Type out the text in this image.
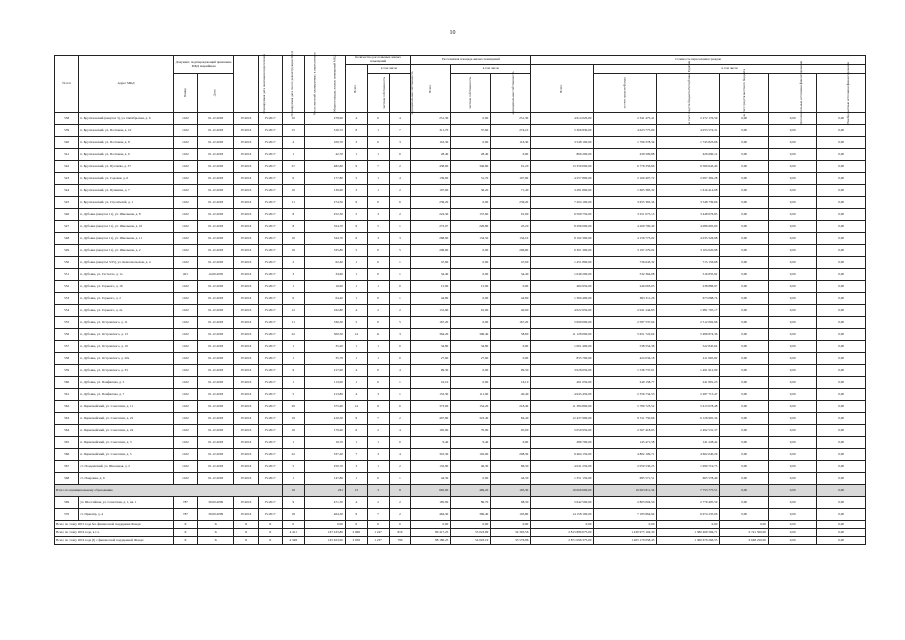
10
№ п/п	Адрес МКД	Документ, подтверждающий признание МКД аварийным		Планируемая дата окончания переселения	Планируемая дата сноса/ реконструкции МКД	Число жителей планируемых к переселению	Общая площадь жилых помещений МКД	Количество расселяемых жилых помещений			Расселяемая площадь жилых помещений			Стоимость переселения граждан					
								Всего	в том числе		Всего	в том числе		Всего	в том числе				
		Номер	Дата						частная собственность	муниципальная собственность		частная собственность	муниципальная собственность		за счет средств Фонда	за счет средств бюджета Республики Бурятия	за счет средств местного бюджета	Дополнительные источники финансирования	Внебюджетные источники финансирования
538	п. Брусиловский (квартал 3), ул. Октябрьская, д. 6	1162	01.12.2003	IV.2016	IV.2017	10	278,00	4	0	4	251,30	0,00	251,30	4 614 020,00	2 341 475,41	2 272 176,59	0,00	0,00	0,00
539	п. Брусиловский, ул. Почтовая, д. 10	1162	01.12.2003	IV.2016	IV.2017	15	316,72	8	1	7	311,70	37,60	274,10	5 366 830,00	4 023 775,69	4 053 574,31	0,00	0,00	0,00
540	п. Брусиловский, ул. Почтовая, д. 8	1162	01.12.2003	IV.2016	IV.2017	4	109,70	3	0	3	116,30	0,00	116,30	3 548 100,00	1 790 278,34	1 745 823,66	0,00	0,00	0,00
541	п. Брусиловский, ул. Почтовая, д. 6	1162	01.12.2003	IV.2016	IV.2017	1	42,70	1	1	0	28,40	28,40	0,00	866 200,00	439 509,88	426 690,12	0,00	0,00	0,00
542	п. Брусиловский, ул. Пугачёва, д. 37	1162	01.12.2003	IV.2016	IV.2017	27	482,60	9	7	2	438,00	346,80	91,20	13 359 000,00	6 778 356,66	6 580 643,40	0,00	0,00	0,00
543	п. Брусиловский, ул. Садовая, д. 6	1162	01.12.2003	IV.2016	IV.2017	6	177,80	5	1	4	139,60	31,70	107,90	4 257 800,00	2 160 407,72	2 097 392,28	0,00	0,00	0,00
544	п. Брусиловский, ул. Пушкина, д. 7	1162	01.12.2003	IV.2016	IV.2017	10	139,60	3	1	2	107,60	36,20	71,40	3 281 800,00	1 665 385,32	1 616 414,68	0,00	0,00	0,00
545	п. Брусиловский, ул. Строителей, д. 1	1162	01.12.2003	IV.2016	IV.2017	11	274,50	6	0	6	239,20	0,00	239,20	7 204 100,00	3 655 365,34	3 548 739,66	0,00	0,00	0,00
546	п. Дубовка (квартал 11), ул. Школьная, д. 8	1162	01.12.2003	IV.2016	IV.2017	8	252,30	5	3	2	224,30	137,60	91,90	6 599 750,00	3 251 075,15	3 448 676,85	0,00	0,00	0,00
547	п. Дубовка (квартал 11), ул. Школьная, д. 10	1162	01.12.2003	IV.2016	IV.2017	8	324,70	6	5	1	272,07	226,80	45,20	8 296 000,00	4 209 700,40	4 086 695,60	0,00	0,00	0,00
548	п. Дубовка (квартал 11), ул. Школьная, д. 11	1162	01.12.2003	IV.2016	IV.2017	10	344,70	6	3	3	268,60	134,50	134,10	8 192 300,00	4 156 773,02	4 035 526,98	0,00	0,00	0,00
549	п. Дубовка (квартал 11), ул. Школьная, д. 2	1162	01.12.2003	IV.2016	IV.2017	16	335,80	5	0	5	206,60	0,00	206,60	6 301 300,00	3 197 279,02	3 104 020,98	0,00	0,00	0,00
550	п. Дубовка (квартал 5/25), ул. Комсомольская, д. 4	1162	01.12.2003	IV.2016	IV.2017	2	62,40	1	0	1	47,60	0,00	47,60	1 451 800,00	736 643,32	715 156,68	0,00	0,00	0,00
551	п. Дубовка, ул. Гастелло, д. 1а	401	14.09.2005	IV.2016	IV.2017	3	34,90	1	0	1	34,40	0,00	34,40	1 049 200,00	532 364,08	516 835,92	0,00	0,00	0,00
552	п. Дубовка, ул. Горького, д. 16	1162	01.12.2003	IV.2016	IV.2017	1	16,00	1	1	0	15,90	15,90	0,00	484 950,00	246 063,03	238 886,97	0,00	0,00	0,00
553	п. Дубовка, ул. Горького, д. 2	1162	01.12.2003	IV.2016	IV.2017	6	64,40	1	0	1	44,80	0,00	44,80	1 366 400,00	693 311,26	673 088,74	0,00	0,00	0,00
554	п. Дубовка, ул. Горького, д. 2а	1162	01.12.2003	IV.2016	IV.2017	12	162,80	4	2	2	131,90	91,00	40,90	4 022 950,00	2 041 244,83	1 981 705,17	0,00	0,00	0,00
555	п. Дубовка, ул. Островского, д. 11	1162	01.12.2003	IV.2016	IV.2017	11	336,30	5	0	5	167,20	0,00	167,20	5 099 600,00	2 587 537,04	2 512 062,96	0,00	0,00	0,00
556	п. Дубовка, ул. Островского, д. 13	1162	01.12.2003	IV.2016	IV.2017	22	500,50	14	11	3	364,20	306,40	58,80	11 128 000,00	5 651 722,64	5 486 874,36	0,00	0,00	0,00
557	п. Дубовка, ул. Островского, д. 19	1162	01.12.2003	IV.2016	IV.2017	1	35,20	1	1	0	34,80	34,80	0,00	1 061 400,00	538 554,36	522 845,64	0,00	0,00	0,00
558	п. Дубовка, ул. Островского, д. 20а	1162	01.12.2003	IV.2016	IV.2017	1	35,78	1	1	0	27,60	27,60	0,00	835 700,00	424 034,18	411 665,82	0,00	0,00	0,00
559	п. Дубовка, ул. Островского, д. 33	1162	01.12.2003	IV.2016	IV.2017	9	217,00	4	0	4	99,30	0,00	99,30	3 028 650,00	1 536 737,01	1 491 912,99	0,00	0,00	0,00
560	п. Дубовка, ул. Панфилова, д. 5	1162	01.12.2003	IV.2016	IV.2017	1	113,00	1	0	1	16,10	0,00	16,10	491 050,00	249 158,77	241 891,23	0,00	0,00	0,00
561	п. Дубовка, ул. Панфилова, д. 7	1162	01.12.2003	IV.2016	IV.2017	5	213,80	4	3	1	152,30	111,90	40,40	4 645 450,00	2 356 734,53	2 287 715,47	0,00	0,00	0,00
562	п. Первомайский, ул. Советская, д. 11	1162	01.12.2003	IV.2016	IV.2017	29	375,60	14	8	6	373,00	154,20	218,40	11 384 800,00	5 780 723,52	5 613 078,48	0,00	0,00	0,00
563	п. Первомайский, ул. Советская, д. 22	1162	01.12.2003	IV.2016	IV.2017	19	416,30	9	7	2	407,80	323,40	84,40	12 437 900,00	6 311 750,66	6 126 905,34	0,00	0,00	0,00
564	п. Первомайский, ул. Советская, д. 24	1162	01.12.2003	IV.2016	IV.2017	16	179,40	6	2	4	165,90	70,90	95,00	5 059 950,00	2 567 418,63	2 492 531,37	0,00	0,00	0,00
565	п. Первомайский, ул. Советская, д. 3	1162	01.12.2003	IV.2016	IV.2017	1	19,70	1	1	0	9,40	9,40	0,00	286 700,00	145 471,58	141 228,42	0,00	0,00	0,00
566	п. Первомайский, ул. Советская, д. 5	1162	01.12.2003	IV.2016	IV.2017	22	337,20	7	3	4	310,30	102,00	208,30	9 464 150,00	4 802 109,71	4 662 040,29	0,00	0,00	0,00
567	ст. Поздеевский, ул. Школьная, д. 2	1162	01.12.2003	IV.2016	IV.2017	5	250,70	3	1	2	132,90	46,30	86,30	4 041 250,00	2 050 530,25	1 990 719,75	0,00	0,00	0,00
568	ст. Покровка, д. 6	1162	01.12.2003	IV.2016	IV.2017	1	147,86	1	0	1	44,30	0,00	44,30	1 351 150,00	685 571,51	665 578,49	0,00	0,00	0,00
Итого по муниципальному образованию						16	261	13	3	8	665,00	469,20	195,30	19 006 600,00	10 003 811,34	7 753 775,51	0,00	0,00	0,00
569	ул. Шоссейная, ул. Советская, д. 1, кв. 1	787	30.09.2009	IV.2016	IV.2017	9	471,50	4	2	2	185,00	86,70	98,30	5 642 500,00	2 863 004,50	2 779 495,50	0,00	0,00	0,00
570	ст. Приозёр, д. 4	787	30.09.2009	IV.2016	IV.2017	18	464,30	9	7	2	464,30	369,40	103,80	14 158 100,00	7 183 864,94	6 974 235,06	0,00	0,00	0,00
Всего по этапу 2015 года без финансовой поддержки Фонда:		X	X	X	X	0	0,00	0	0	0	0,00	0,00	0,00	0,00	0,00	0,00	0,00	0,00	0,00
Всего по этапу 2016 года, в т.ч.		X	X	X	X	4 411	167 433,86	2 066	1 247	819	89 417,25	55 023,69	34 393,56	2 815 886 675,00	1 430 975 104,30	1 380 469 584,71	0 741 500,00	0,00	0,00
Всего по этапу 2016 года (I) с финансовой поддержкой Фонда:		X	X	X	X	4 348	165 623,00	2 036	1 237	799	88 180,25	54 603,19	33 576,86	2 871 096 375,00	1 405 170 058,45	1 360 679 266,55	6 648 250,00	0,00	0,00
